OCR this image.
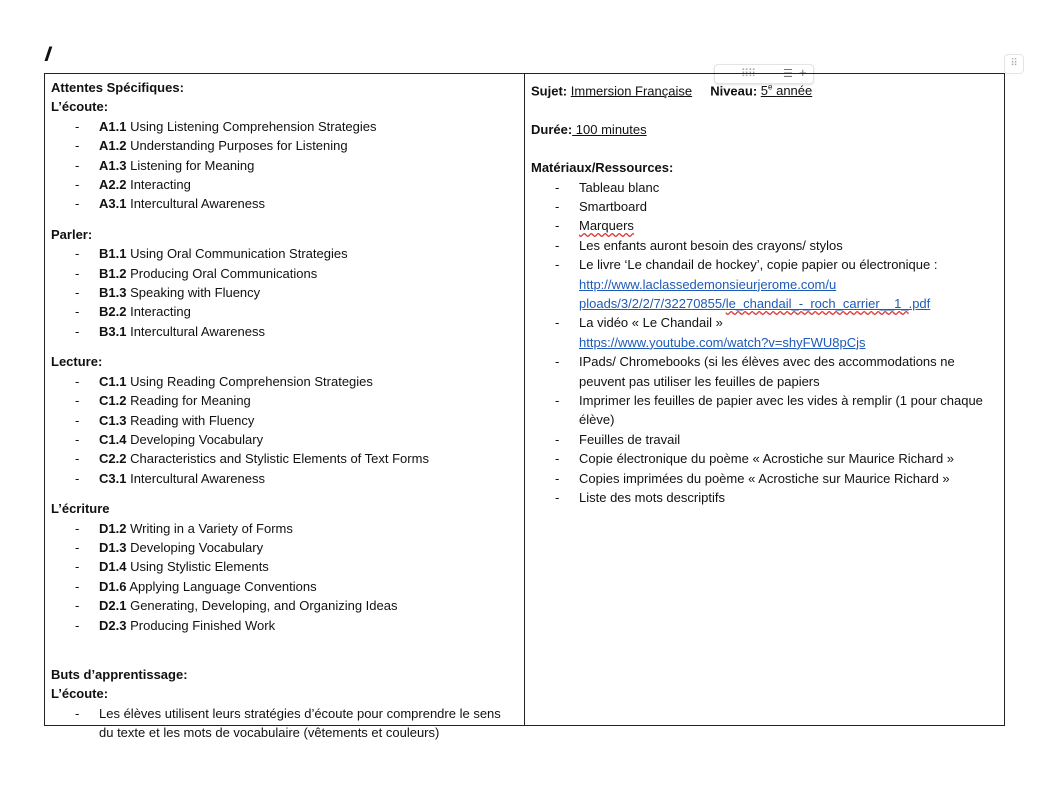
I
⠿⠿	☰ +
⠿
Attentes Spécifiques:
L’écoute:
- A1.1 Using Listening Comprehension Strategies
- A1.2 Understanding Purposes for Listening
- A1.3 Listening for Meaning
- A2.2 Interacting
- A3.1 Intercultural Awareness
Parler:
- B1.1 Using Oral Communication Strategies
- B1.2 Producing Oral Communications
- B1.3 Speaking with Fluency
- B2.2 Interacting
- B3.1 Intercultural Awareness
Lecture:
- C1.1 Using Reading Comprehension Strategies
- C1.2 Reading for Meaning
- C1.3 Reading with Fluency
- C1.4 Developing Vocabulary
- C2.2 Characteristics and Stylistic Elements of Text Forms
- C3.1 Intercultural Awareness
L’écriture
- D1.2 Writing in a Variety of Forms
- D1.3 Developing Vocabulary
- D1.4 Using Stylistic Elements
- D1.6 Applying Language Conventions
- D2.1 Generating, Developing, and Organizing Ideas
- D2.3 Producing Finished Work
Buts d’apprentissage:
L’écoute:
- Les élèves utilisent leurs stratégies d’écoute pour comprendre le sens
du texte et les mots de vocabulaire (vêtements et couleurs)
Sujet: Immersion Française Niveau: 5e année
Durée: 100 minutes
Matériaux/Ressources:
- Tableau blanc
- Smartboard
- Marquers
- Les enfants auront besoin des crayons/ stylos
- Le livre ‘Le chandail de hockey’, copie papier ou électronique :
http://www.laclassedemonsieurjerome.com/u
ploads/3/2/2/7/32270855/le_chandail_-_roch_carrier__1_.pdf
- La vidéo « Le Chandail »
https://www.youtube.com/watch?v=shyFWU8pCjs
- IPads/ Chromebooks (si les élèves avec des accommodations ne
peuvent pas utiliser les feuilles de papiers
- Imprimer les feuilles de papier avec les vides à remplir (1 pour chaque
élève)
- Feuilles de travail
- Copie électronique du poème « Acrostiche sur Maurice Richard »
- Copies imprimées du poème « Acrostiche sur Maurice Richard »
- Liste des mots descriptifs
